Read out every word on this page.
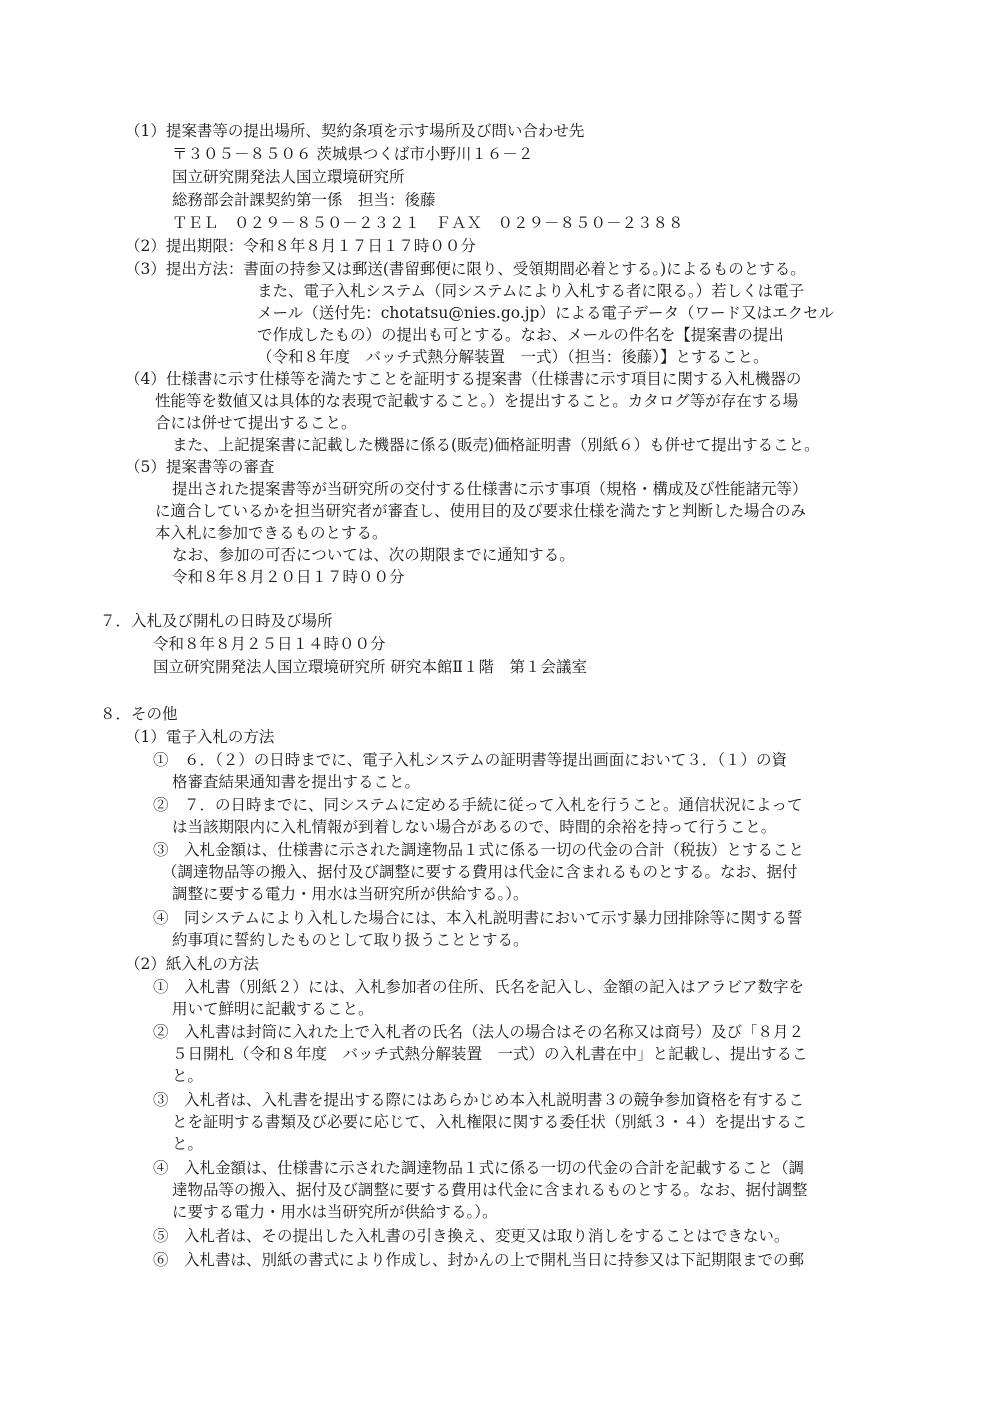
（1）提案書等の提出場所、契約条項を示す場所及び問い合わせ先
〒３０５－８５０６ 茨城県つくば市小野川１６－２
国立研究開発法人国立環境研究所
総務部会計課契約第一係　担当：後藤
ＴＥＬ　０２９－８５０－２３２１　ＦＡＸ　０２９－８５０－２３８８
（2）提出期限：令和８年８月１７日１７時００分
（3）提出方法：書面の持参又は郵送(書留郵便に限り、受領期間必着とする。)によるものとする。
また、電子入札システム（同システムにより入札する者に限る。）若しくは電子
メール（送付先：chotatsu@nies.go.jp）による電子データ（ワード又はエクセル
で作成したもの）の提出も可とする。なお、メールの件名を【提案書の提出
（令和８年度　バッチ式熱分解装置　一式）（担当：後藤）】とすること。
（4）仕様書に示す仕様等を満たすことを証明する提案書（仕様書に示す項目に関する入札機器の
性能等を数値又は具体的な表現で記載すること。）を提出すること。カタログ等が存在する場
合には併せて提出すること。
また、上記提案書に記載した機器に係る(販売)価格証明書（別紙６）も併せて提出すること。
（5）提案書等の審査
提出された提案書等が当研究所の交付する仕様書に示す事項（規格・構成及び性能諸元等）
に適合しているかを担当研究者が審査し、使用目的及び要求仕様を満たすと判断した場合のみ
本入札に参加できるものとする。
なお、参加の可否については、次の期限までに通知する。
令和８年８月２０日１７時００分
７．入札及び開札の日時及び場所
令和８年８月２５日１４時００分
国立研究開発法人国立環境研究所 研究本館Ⅱ１階　第１会議室
８．その他
（1）電子入札の方法
①　６．（２）の日時までに、電子入札システムの証明書等提出画面において３．（１）の資
格審査結果通知書を提出すること。
②　７．の日時までに、同システムに定める手続に従って入札を行うこと。通信状況によって
は当該期限内に入札情報が到着しない場合があるので、時間的余裕を持って行うこと。
③　入札金額は、仕様書に示された調達物品１式に係る一切の代金の合計（税抜）とすること
（調達物品等の搬入、据付及び調整に要する費用は代金に含まれるものとする。なお、据付
調整に要する電力・用水は当研究所が供給する。）。
④　同システムにより入札した場合には、本入札説明書において示す暴力団排除等に関する誓
約事項に誓約したものとして取り扱うこととする。
（2）紙入札の方法
①　入札書（別紙２）には、入札参加者の住所、氏名を記入し、金額の記入はアラビア数字を
用いて鮮明に記載すること。
②　入札書は封筒に入れた上で入札者の氏名（法人の場合はその名称又は商号）及び「８月２
５日開札（令和８年度　バッチ式熱分解装置　一式）の入札書在中」と記載し、提出するこ
と。
③　入札者は、入札書を提出する際にはあらかじめ本入札説明書３の競争参加資格を有するこ
とを証明する書類及び必要に応じて、入札権限に関する委任状（別紙３・４）を提出するこ
と。
④　入札金額は、仕様書に示された調達物品１式に係る一切の代金の合計を記載すること（調
達物品等の搬入、据付及び調整に要する費用は代金に含まれるものとする。なお、据付調整
に要する電力・用水は当研究所が供給する。）。
⑤　入札者は、その提出した入札書の引き換え、変更又は取り消しをすることはできない。
⑥　入札書は、別紙の書式により作成し、封かんの上で開札当日に持参又は下記期限までの郵
